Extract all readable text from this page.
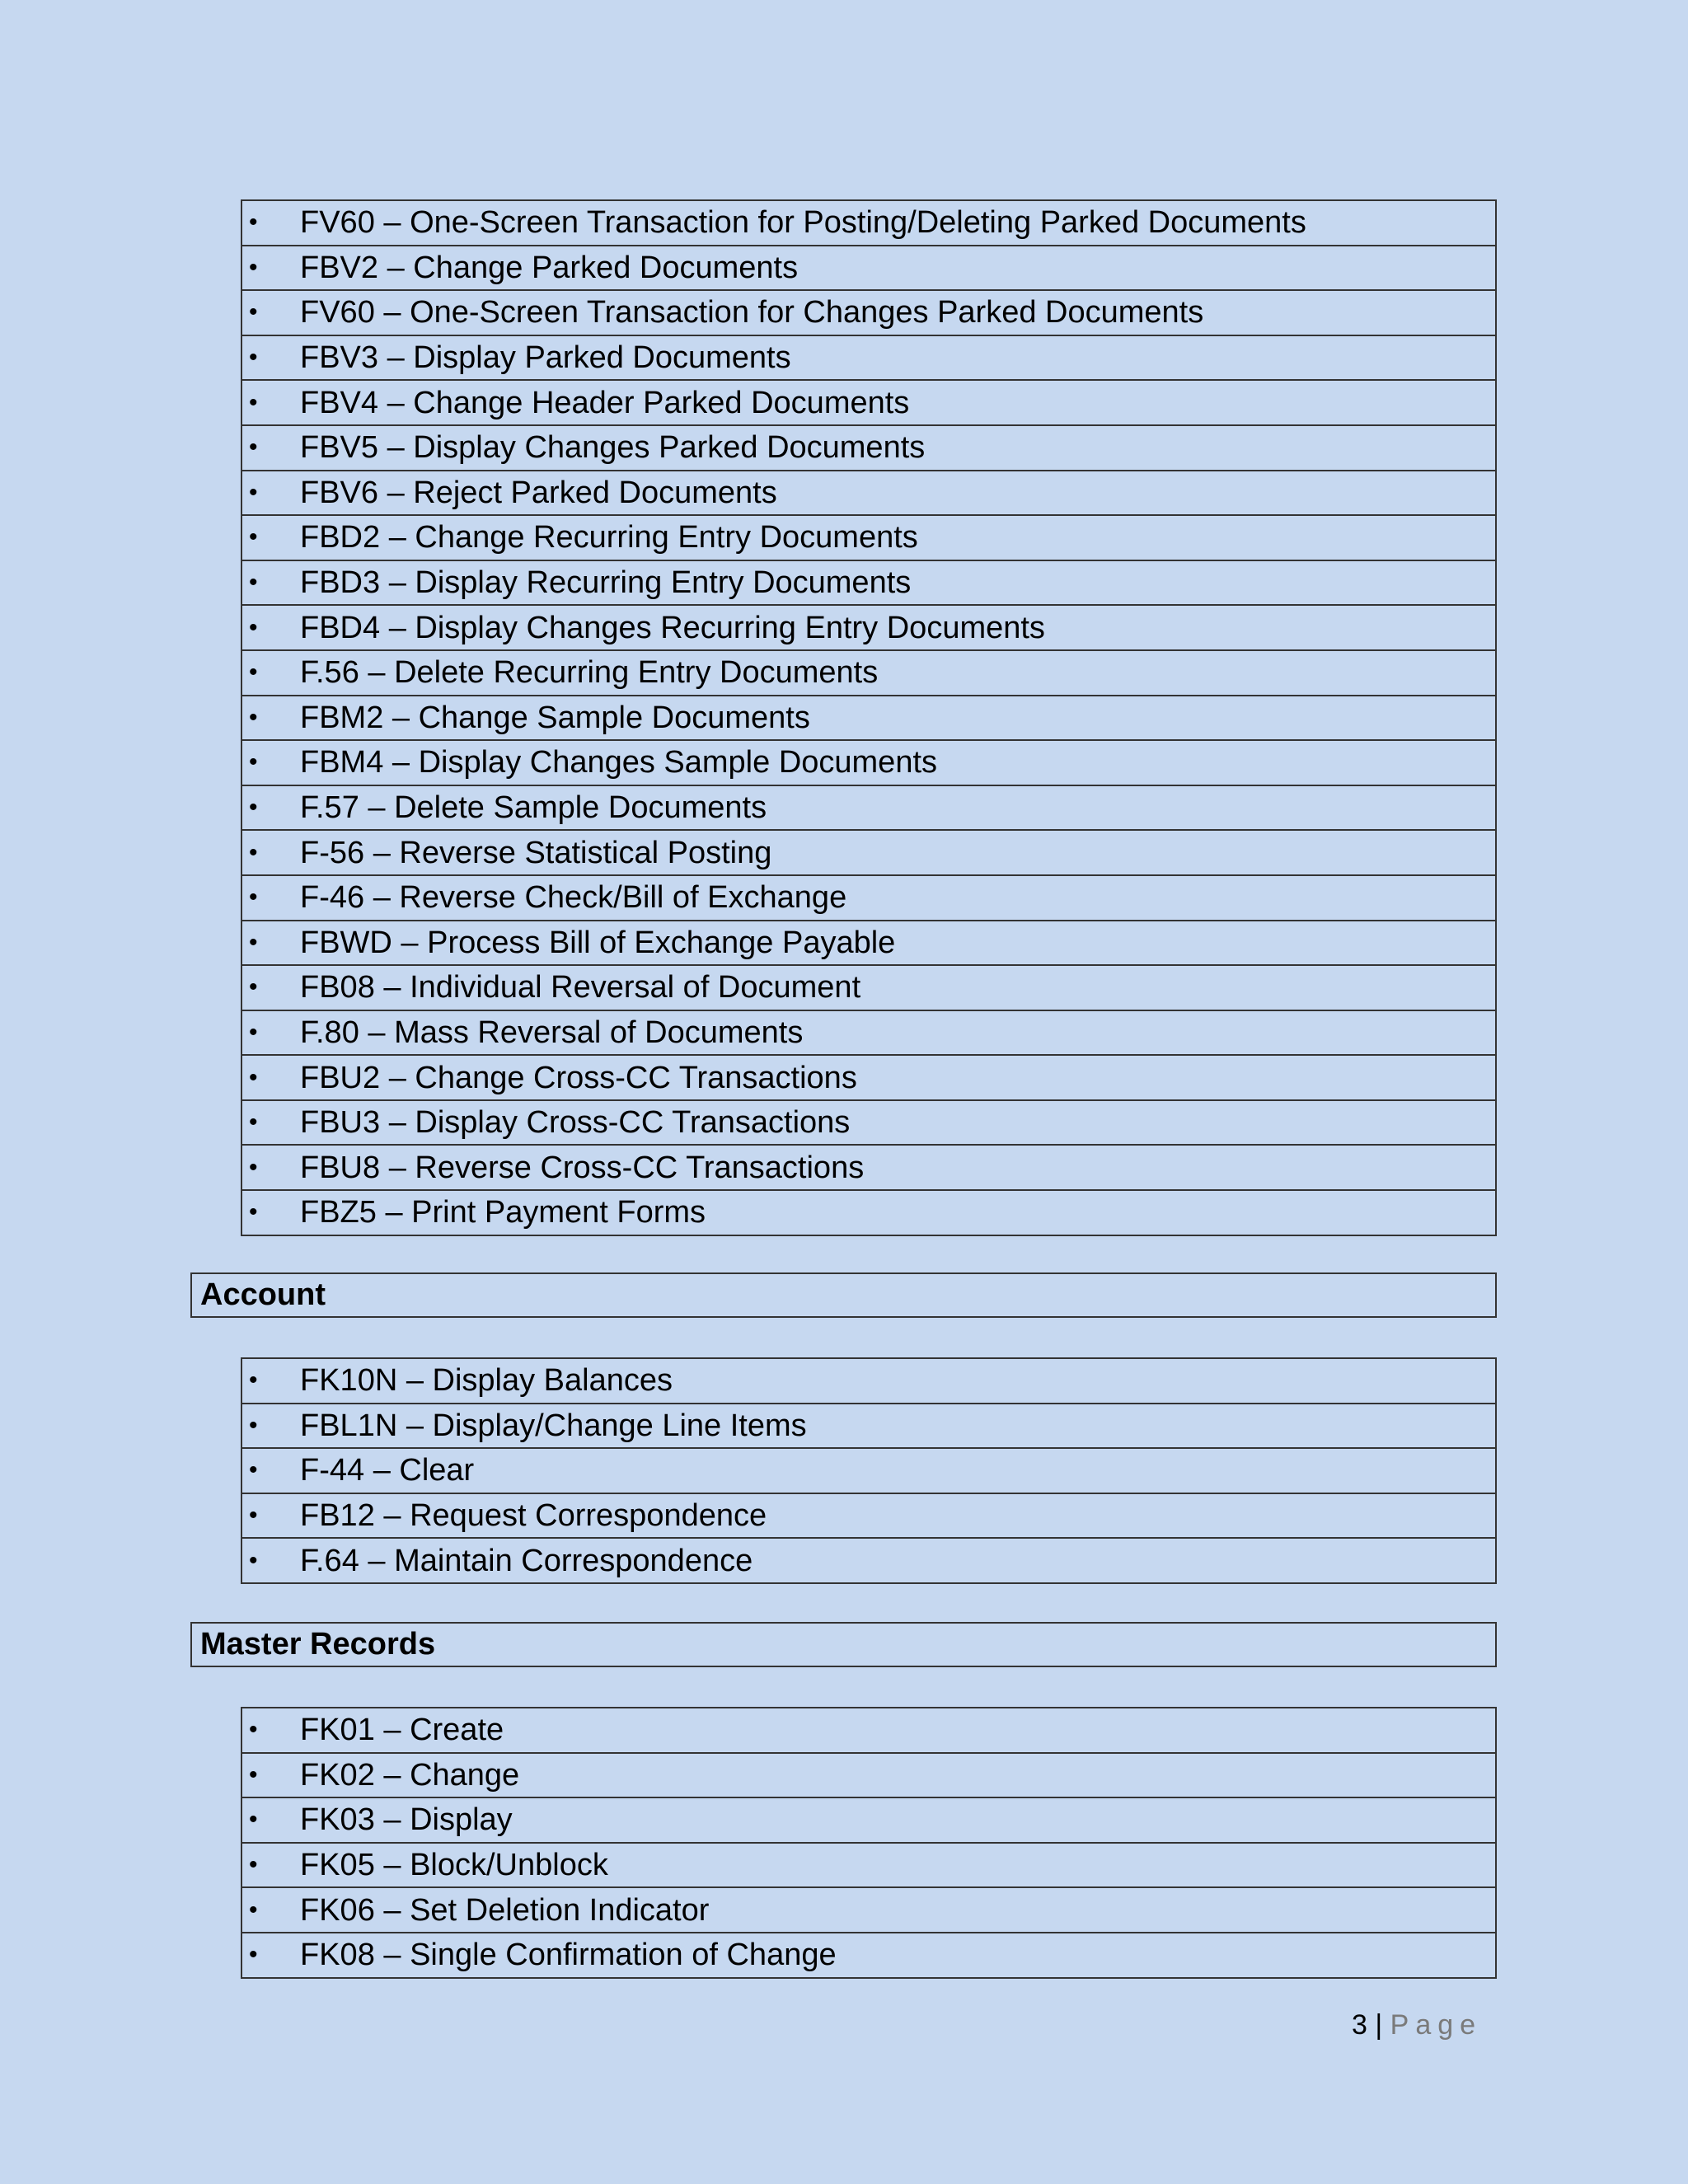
•	FV60 – One-Screen Transaction for Posting/Deleting Parked Documents
•	FBV2 – Change Parked Documents
•	FV60 – One-Screen Transaction for Changes Parked Documents
•	FBV3 – Display Parked Documents
•	FBV4 – Change Header Parked Documents
•	FBV5 – Display Changes Parked Documents
•	FBV6 – Reject Parked Documents
•	FBD2 – Change Recurring Entry Documents
•	FBD3 – Display Recurring Entry Documents
•	FBD4 – Display Changes Recurring Entry Documents
•	F.56 – Delete Recurring Entry Documents
•	FBM2 – Change Sample Documents
•	FBM4 – Display Changes Sample Documents
•	F.57 – Delete Sample Documents
•	F-56 – Reverse Statistical Posting
•	F-46 – Reverse Check/Bill of Exchange
•	FBWD – Process Bill of Exchange Payable
•	FB08 – Individual Reversal of Document
•	F.80 – Mass Reversal of Documents
•	FBU2 – Change Cross-CC Transactions
•	FBU3 – Display Cross-CC Transactions
•	FBU8 – Reverse Cross-CC Transactions
•	FBZ5 – Print Payment Forms
Account
•	FK10N – Display Balances
•	FBL1N – Display/Change Line Items
•	F-44 – Clear
•	FB12 – Request Correspondence
•	F.64 – Maintain Correspondence
Master Records
•	FK01 – Create
•	FK02 – Change
•	FK03 – Display
•	FK05 – Block/Unblock
•	FK06 – Set Deletion Indicator
•	FK08 – Single Confirmation of Change
3 | Page
